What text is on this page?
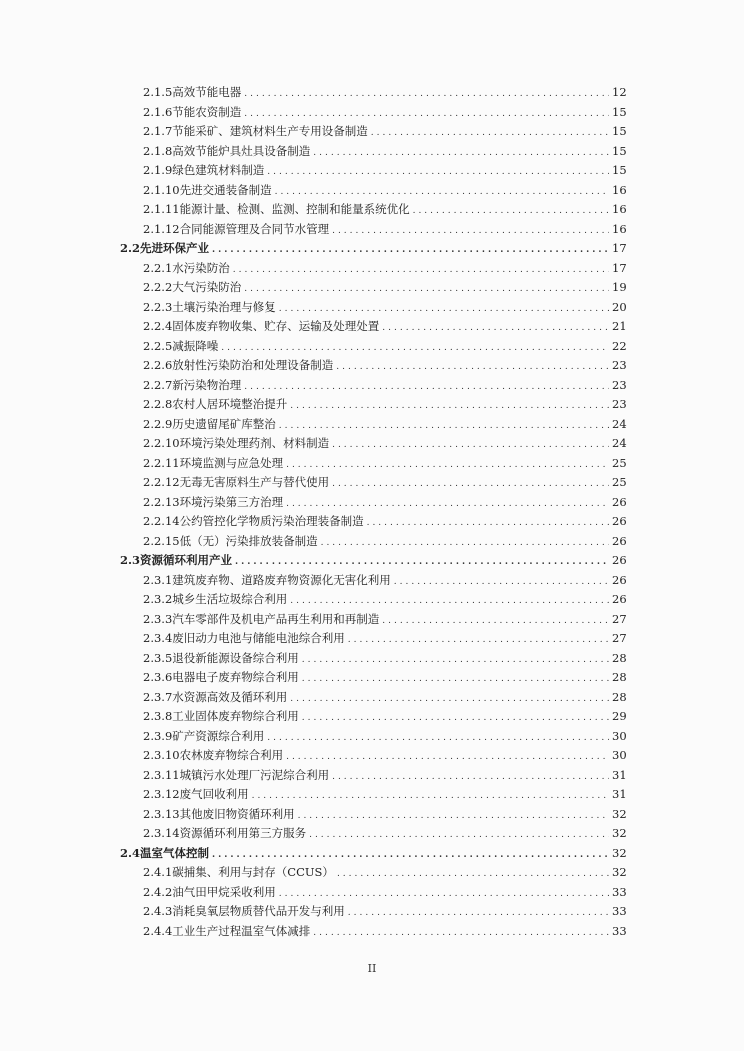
2.1.5 高效节能电器 .....	12
2.1.6 节能农资制造 .....	15
2.1.7 节能采矿、建筑材料生产专用设备制造 .....	15
2.1.8 高效节能炉具灶具设备制造 .....	15
2.1.9 绿色建筑材料制造 .....	15
2.1.10 先进交通装备制造 .....	16
2.1.11 能源计量、检测、监测、控制和能量系统优化 .....	16
2.1.12 合同能源管理及合同节水管理 .....	16
2.2 先进环保产业 .....	17
2.2.1 水污染防治 .....	17
2.2.2 大气污染防治 .....	19
2.2.3 土壤污染治理与修复 .....	20
2.2.4 固体废弃物收集、贮存、运输及处理处置 .....	21
2.2.5 减振降噪 .....	22
2.2.6 放射性污染防治和处理设备制造 .....	23
2.2.7 新污染物治理 .....	23
2.2.8 农村人居环境整治提升 .....	23
2.2.9 历史遗留尾矿库整治 .....	24
2.2.10 环境污染处理药剂、材料制造 .....	24
2.2.11 环境监测与应急处理 .....	25
2.2.12 无毒无害原料生产与替代使用 .....	25
2.2.13 环境污染第三方治理 .....	26
2.2.14 公约管控化学物质污染治理装备制造 .....	26
2.2.15 低（无）污染排放装备制造 .....	26
2.3 资源循环利用产业 .....	26
2.3.1 建筑废弃物、道路废弃物资源化无害化利用 .....	26
2.3.2 城乡生活垃圾综合利用 .....	26
2.3.3 汽车零部件及机电产品再生利用和再制造 .....	27
2.3.4 废旧动力电池与储能电池综合利用 .....	27
2.3.5 退役新能源设备综合利用 .....	28
2.3.6 电器电子废弃物综合利用 .....	28
2.3.7 水资源高效及循环利用 .....	28
2.3.8 工业固体废弃物综合利用 .....	29
2.3.9 矿产资源综合利用 .....	30
2.3.10 农林废弃物综合利用 .....	30
2.3.11 城镇污水处理厂污泥综合利用 .....	31
2.3.12 废气回收利用 .....	31
2.3.13 其他废旧物资循环利用 .....	32
2.3.14 资源循环利用第三方服务 .....	32
2.4 温室气体控制 .....	32
2.4.1 碳捕集、利用与封存（CCUS） .....	32
2.4.2 油气田甲烷采收利用 .....	33
2.4.3 消耗臭氧层物质替代品开发与利用 .....	33
2.4.4 工业生产过程温室气体减排 .....	33
II
